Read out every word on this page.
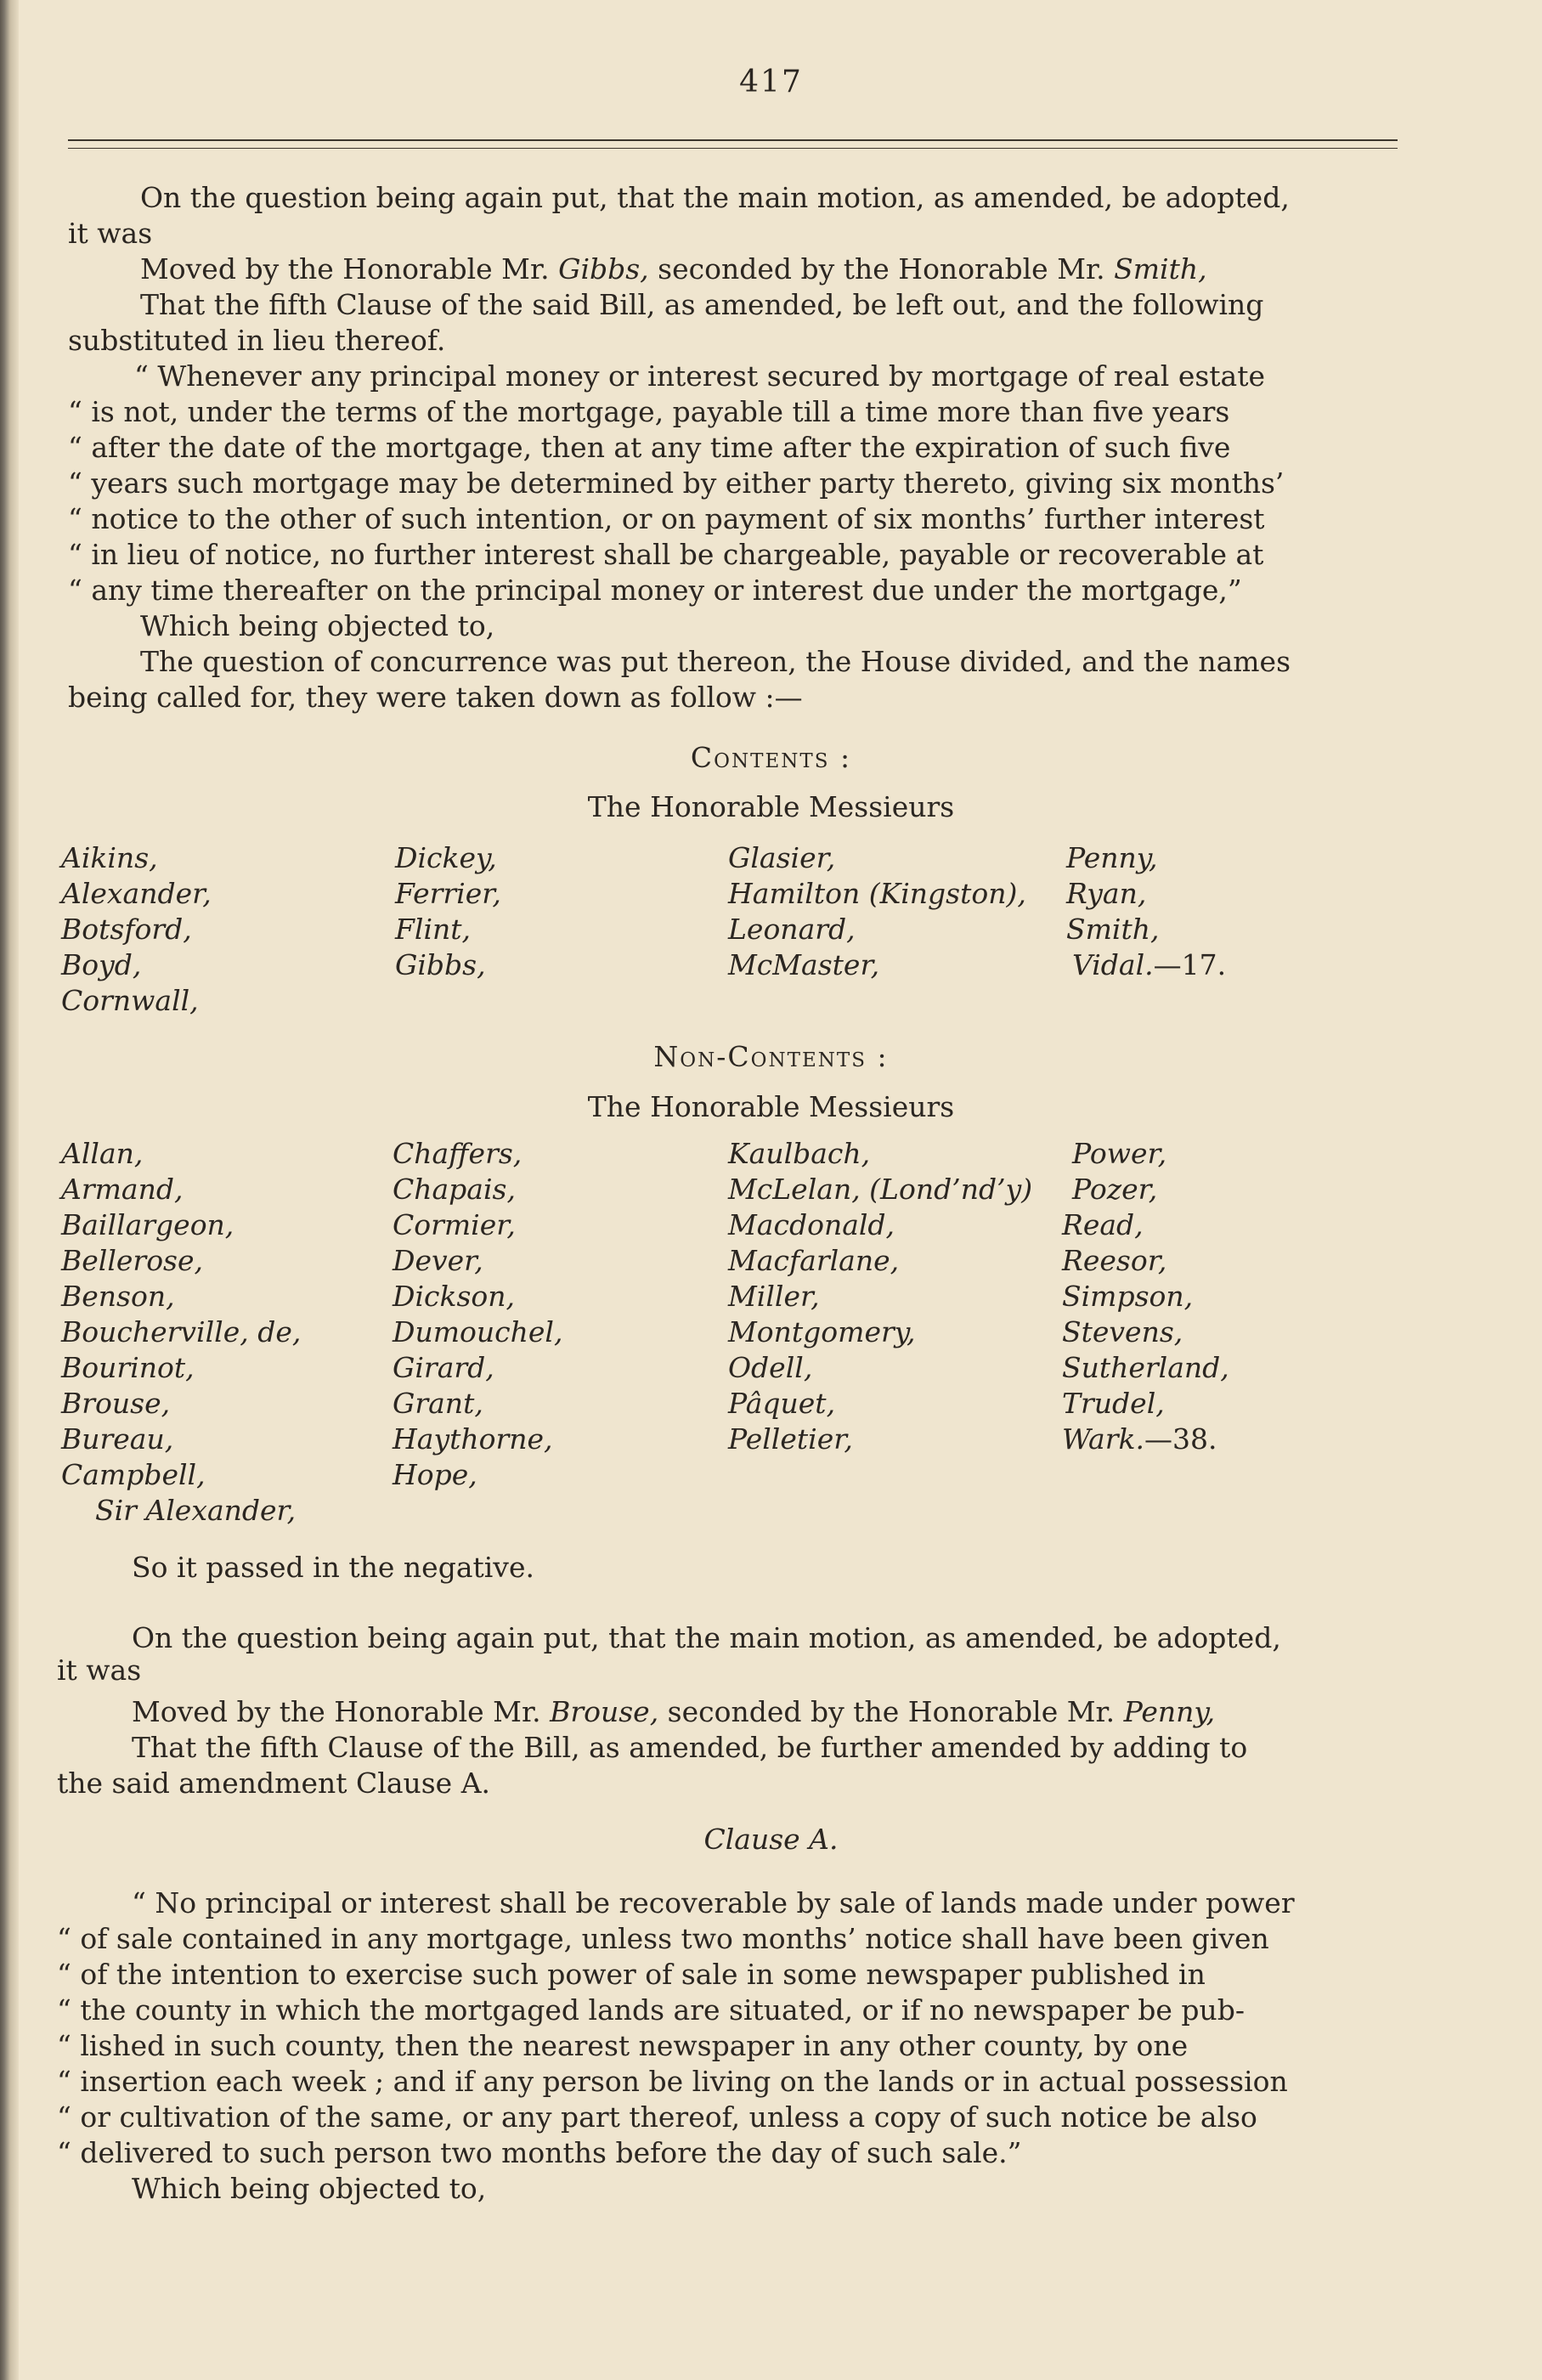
417
On the question being again put, that the main motion, as amended, be adopted,
it was
Moved by the Honorable Mr. Gibbs, seconded by the Honorable Mr. Smith,
That the fifth Clause of the said Bill, as amended, be left out, and the following
substituted in lieu thereof.
“ Whenever any principal money or interest secured by mortgage of real estate
“ is not, under the terms of the mortgage, payable till a time more than five years
“ after the date of the mortgage, then at any time after the expiration of such five
“ years such mortgage may be determined by either party thereto, giving six months’
“ notice to the other of such intention, or on payment of six months’ further interest
“ in lieu of notice, no further interest shall be chargeable, payable or recoverable at
“ any time thereafter on the principal money or interest due under the mortgage,”
Which being objected to,
The question of concurrence was put thereon, the House divided, and the names
being called for, they were taken down as follow :—
Contents :
The Honorable Messieurs
Aikins,
Alexander,
Botsford,
Boyd,
Cornwall,
Dickey,
Ferrier,
Flint,
Gibbs,
Glasier,
Hamilton (Kingston),
Leonard,
McMaster,
Penny,
Ryan,
Smith,
Vidal.—17.
Non-Contents :
The Honorable Messieurs
Allan,
Armand,
Baillargeon,
Bellerose,
Benson,
Boucherville, de,
Bourinot,
Brouse,
Bureau,
Campbell,
Sir Alexander,
Chaffers,
Chapais,
Cormier,
Dever,
Dickson,
Dumouchel,
Girard,
Grant,
Haythorne,
Hope,
Kaulbach,
McLelan, (Lond’nd’y)
Macdonald,
Macfarlane,
Miller,
Montgomery,
Odell,
Pâquet,
Pelletier,
Power,
Pozer,
Read,
Reesor,
Simpson,
Stevens,
Sutherland,
Trudel,
Wark.—38.
So it passed in the negative.
On the question being again put, that the main motion, as amended, be adopted,
it was
Moved by the Honorable Mr. Brouse, seconded by the Honorable Mr. Penny,
That the fifth Clause of the Bill, as amended, be further amended by adding to
the said amendment Clause A.
Clause A.
“ No principal or interest shall be recoverable by sale of lands made under power
“ of sale contained in any mortgage, unless two months’ notice shall have been given
“ of the intention to exercise such power of sale in some newspaper published in
“ the county in which the mortgaged lands are situated, or if no newspaper be pub-
“ lished in such county, then the nearest newspaper in any other county, by one
“ insertion each week ; and if any person be living on the lands or in actual possession
“ or cultivation of the same, or any part thereof, unless a copy of such notice be also
“ delivered to such person two months before the day of such sale.”
Which being objected to,
